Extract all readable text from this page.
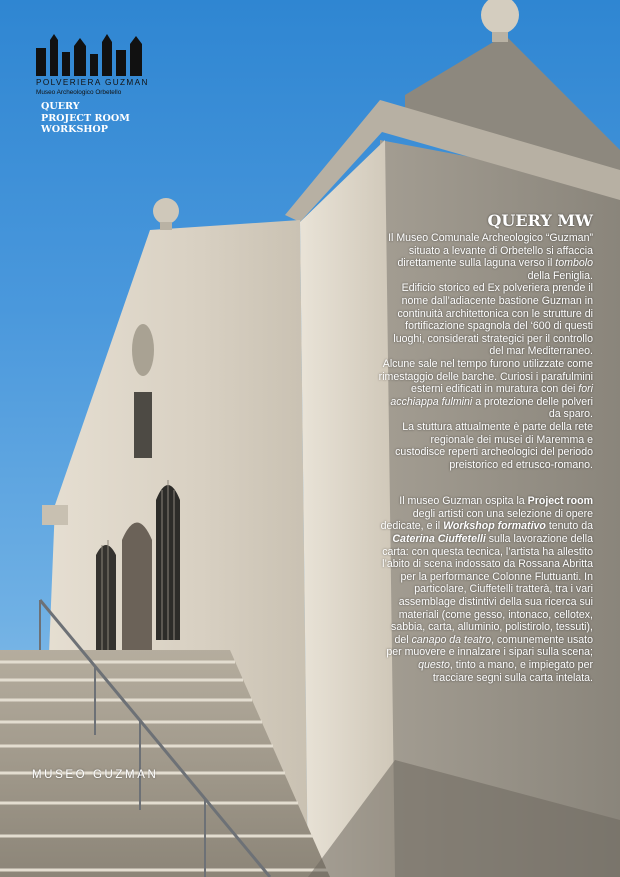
POLVERIERA GUZMAN
Museo Archeologico Orbetello
QUERY
PROJECT ROOM
WORKSHOP
QUERY MW

Il Museo Comunale Archeologico “Guzman” situato a levante di Orbetello si affaccia direttamente sulla laguna verso il tombolo della Feniglia.

Edificio storico ed Ex polveriera prende il nome dall’adiacente bastione Guzman in continuità architettonica con le strutture di fortificazione spagnola del ‘600 di questi luoghi, considerati strategici per il controllo del mar Mediterraneo.

Alcune sale nel tempo furono utilizzate come rimestaggio delle barche. Curiosi i parafulmini esterni edificati in muratura con dei fori acchiappa fulmini a protezione delle polveri da sparo.

La stuttura attualmente è parte della rete regionale dei musei di Maremma e custodisce reperti archeologici del periodo preistorico ed etrusco-romano.

Il museo Guzman ospita la Project room degli artisti con una selezione di opere dedicate, e il Workshop formativo tenuto da Caterina Ciuffetelli sulla lavorazione della carta: con questa tecnica, l’artista ha allestito l’abito di scena indossato da Rossana Abritta per la performance Colonne Fluttuanti. In particolare, Ciuffetelli tratterà, tra i vari assemblage distintivi della sua ricerca sui materiali (come gesso, intonaco, cellotex, sabbia, carta, alluminio, polistirolo, tessuti), del canapo da teatro, comunemente usato per muovere e innalzare i sipari sulla scena; questo, tinto a mano, e impiegato per tracciare segni sulla carta intelata.

MUSEO GUZMAN
